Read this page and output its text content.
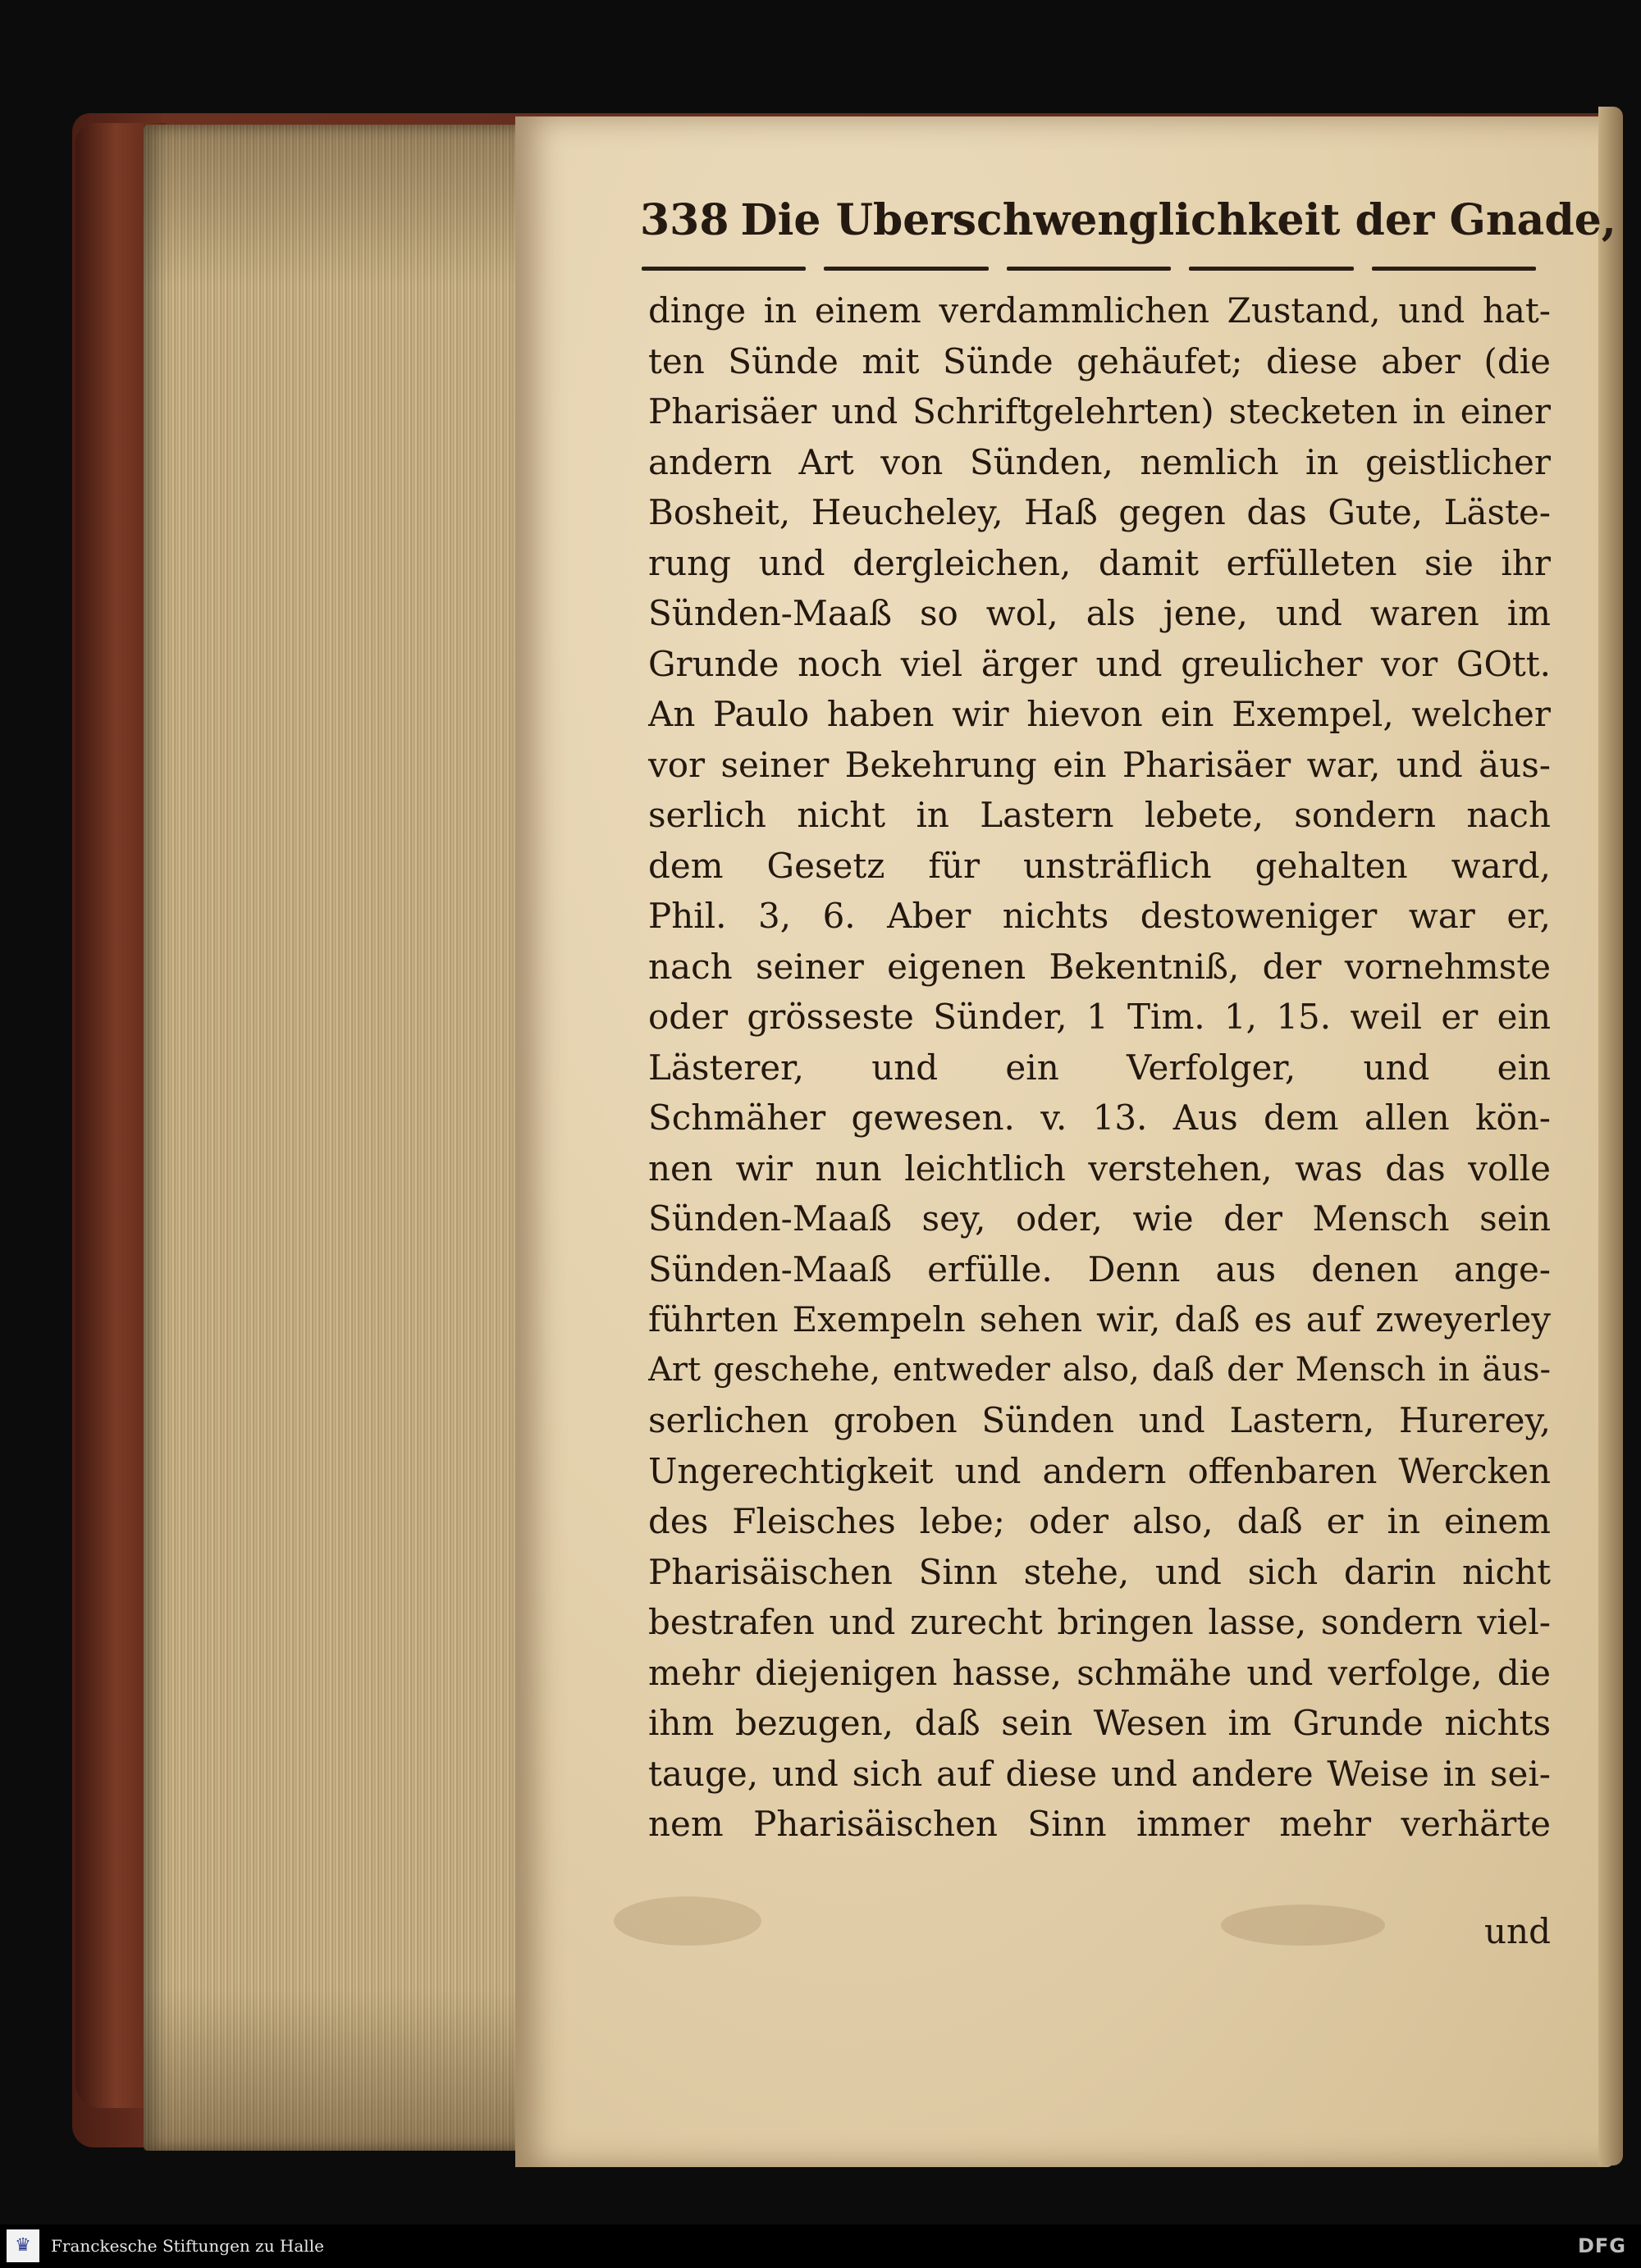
338 Die Uberschwenglichkeit der Gnade,
dinge in einem verdammlichen Zustand, und hat-
ten Sünde mit Sünde gehäufet; diese aber (die
Pharisäer und Schriftgelehrten) stecketen in einer
andern Art von Sünden, nemlich in geistlicher
Bosheit, Heucheley, Haß gegen das Gute, Läste-
rung und dergleichen, damit erfülleten sie ihr
Sünden-Maaß so wol, als jene, und waren im
Grunde noch viel ärger und greulicher vor GOtt.
An Paulo haben wir hievon ein Exempel, welcher
vor seiner Bekehrung ein Pharisäer war, und äus-
serlich nicht in Lastern lebete, sondern nach
dem Gesetz für unsträflich gehalten ward,
Phil. 3, 6. Aber nichts destoweniger war er,
nach seiner eigenen Bekentniß, der vornehmste
oder grösseste Sünder, 1 Tim. 1, 15. weil er ein
Lästerer, und ein Verfolger, und ein
Schmäher gewesen. v. 13. Aus dem allen kön-
nen wir nun leichtlich verstehen, was das volle
Sünden-Maaß sey, oder, wie der Mensch sein
Sünden-Maaß erfülle. Denn aus denen ange-
führten Exempeln sehen wir, daß es auf zweyerley
Art geschehe, entweder also, daß der Mensch in äus-
serlichen groben Sünden und Lastern, Hurerey,
Ungerechtigkeit und andern offenbaren Wercken
des Fleisches lebe; oder also, daß er in einem
Pharisäischen Sinn stehe, und sich darin nicht
bestrafen und zurecht bringen lasse, sondern viel-
mehr diejenigen hasse, schmähe und verfolge, die
ihm bezugen, daß sein Wesen im Grunde nichts
tauge, und sich auf diese und andere Weise in sei-
nem Pharisäischen Sinn immer mehr verhärte
und
♛	Franckesche Stiftungen zu Halle	DFG
